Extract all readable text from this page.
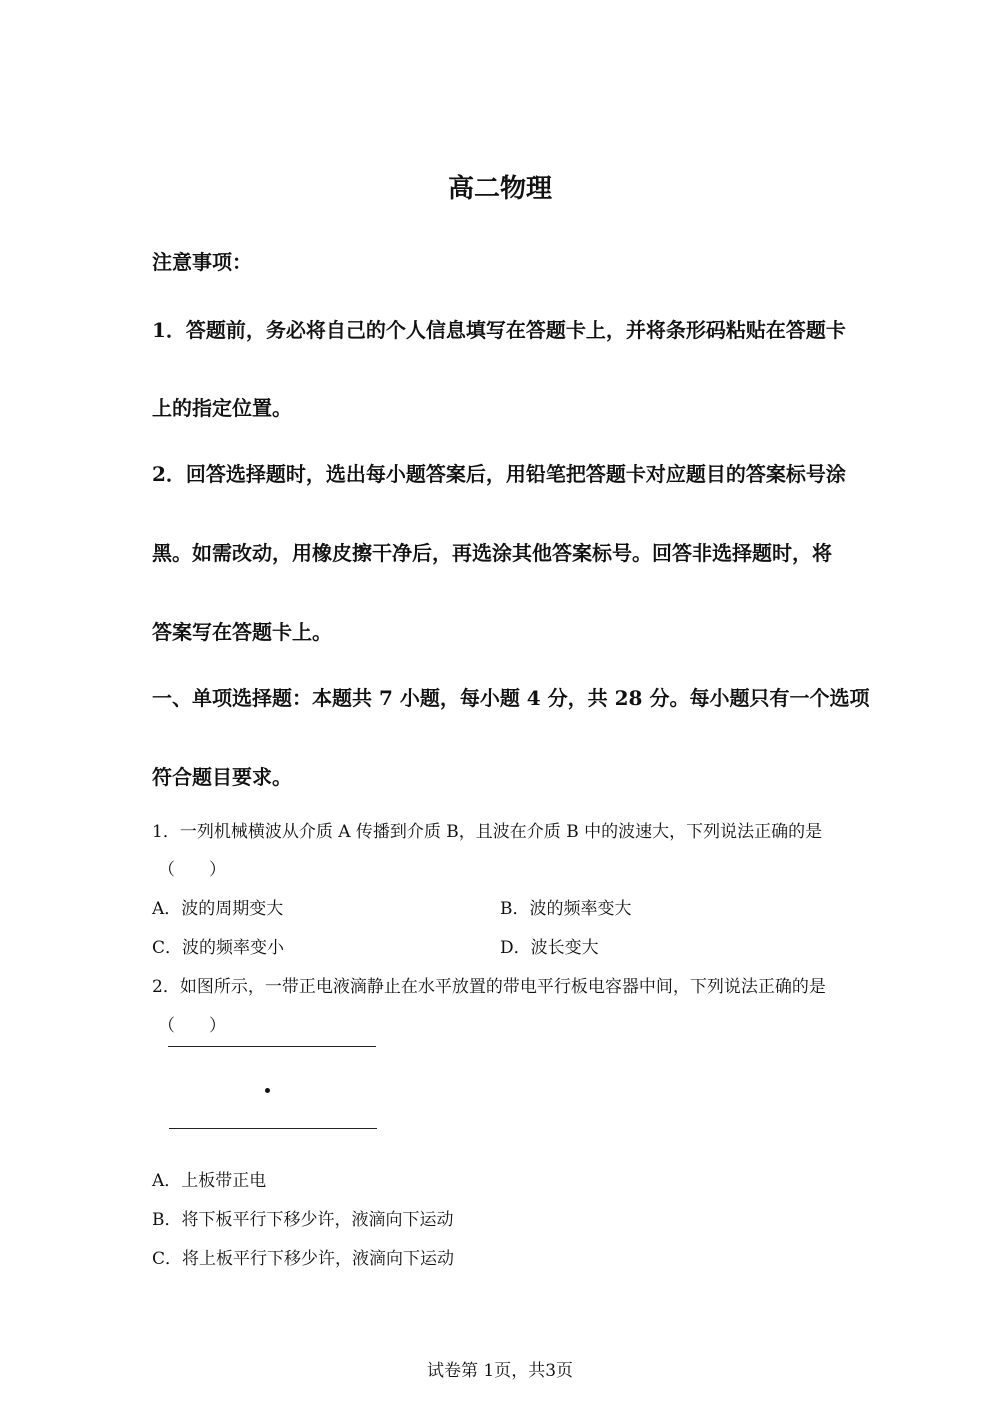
高二物理
注意事项：
1．答题前，务必将自己的个人信息填写在答题卡上，并将条形码粘贴在答题卡
上的指定位置。
2．回答选择题时，选出每小题答案后，用铅笔把答题卡对应题目的答案标号涂
黑。如需改动，用橡皮擦干净后，再选涂其他答案标号。回答非选择题时，将
答案写在答题卡上。
一、单项选择题：本题共 7 小题，每小题 4 分，共 28 分。每小题只有一个选项
符合题目要求。
1．一列机械横波从介质 A 传播到介质 B，且波在介质 B 中的波速大，下列说法正确的是
（　　）
A．波的周期变大	B．波的频率变大
C．波的频率变小	D．波长变大
2．如图所示，一带正电液滴静止在水平放置的带电平行板电容器中间，下列说法正确的是
（　　）
A．上板带正电
B．将下板平行下移少许，液滴向下运动
C．将上板平行下移少许，液滴向下运动
试卷第 1页，共3页
